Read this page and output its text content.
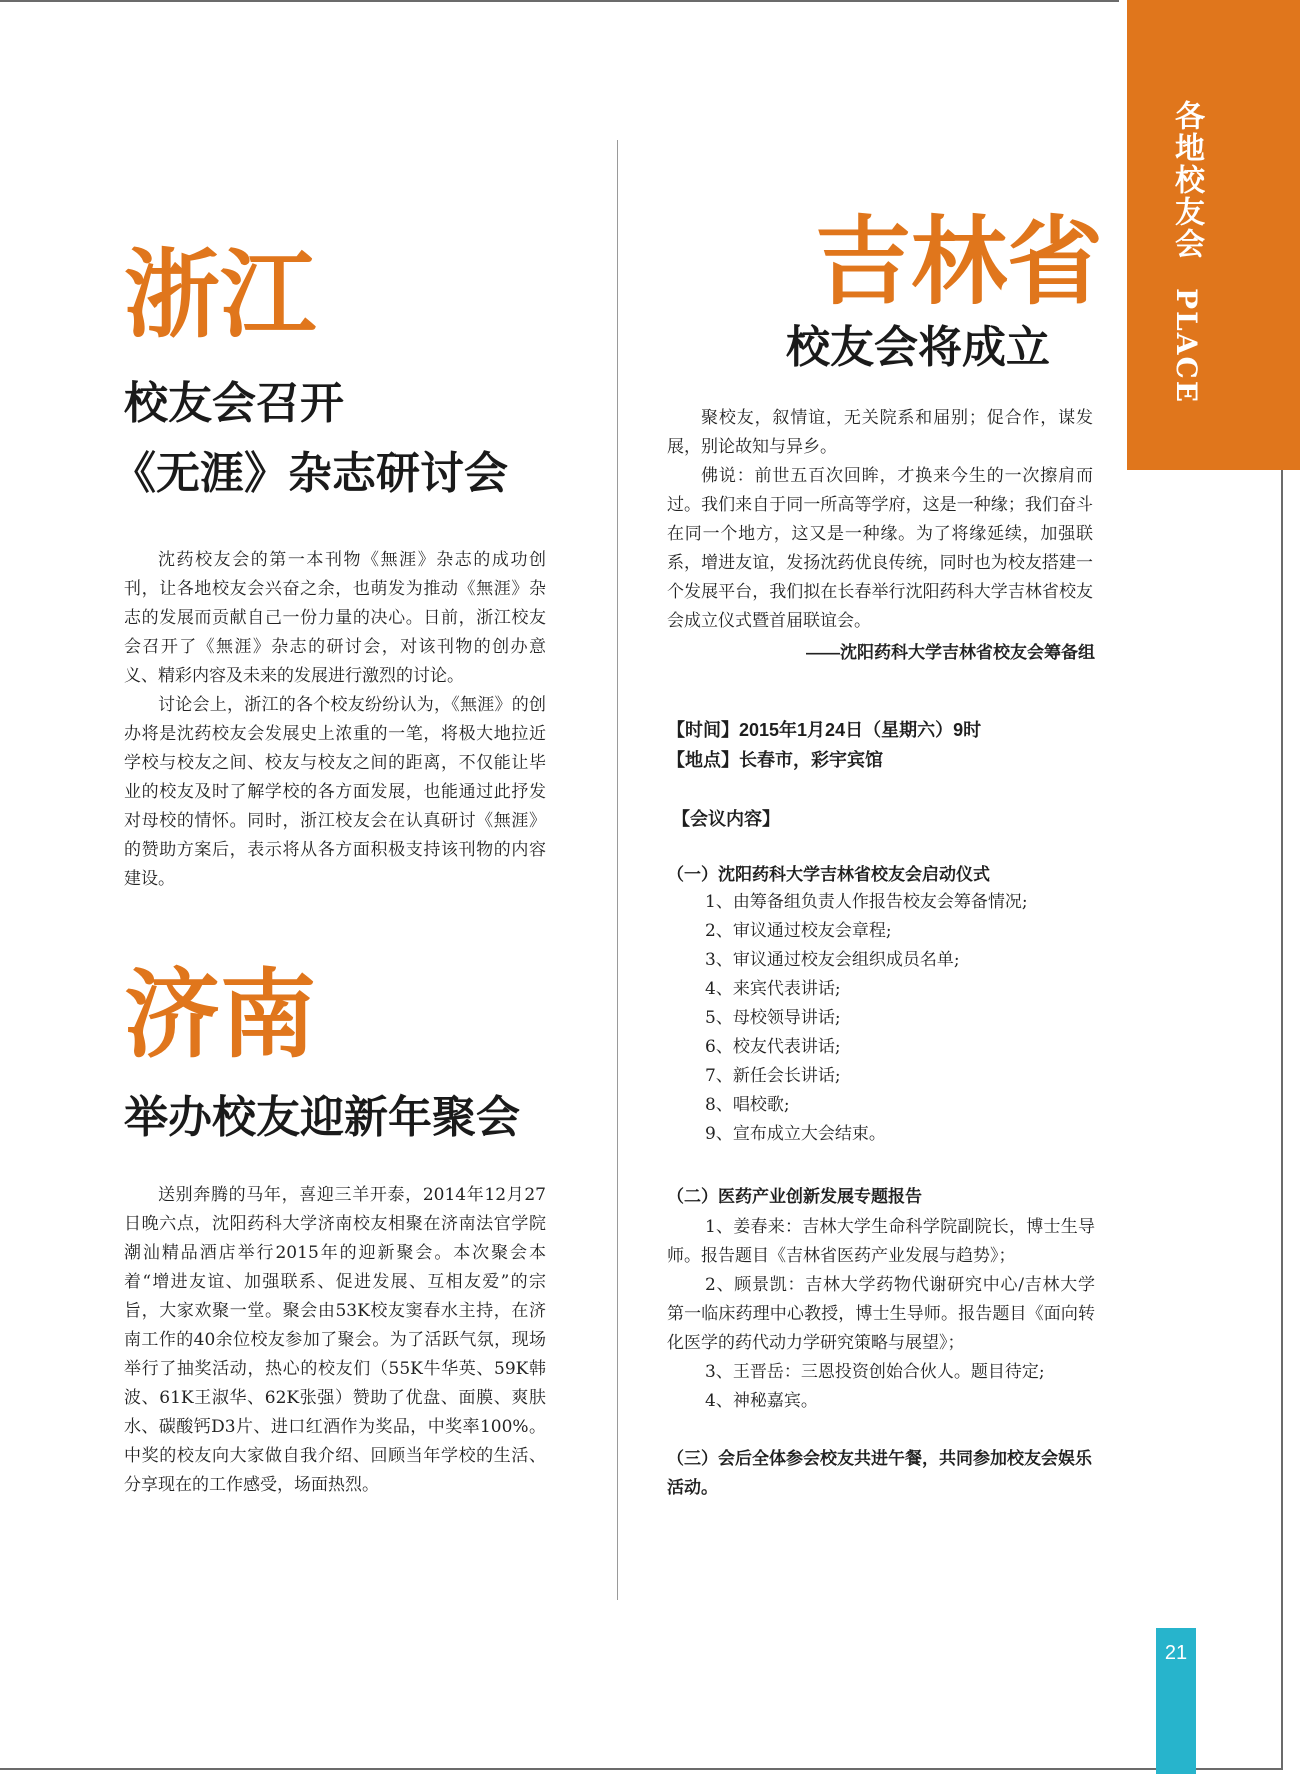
各地校友会 PLACE
浙江
校友会召开
《无涯》杂志研讨会

沈药校友会的第一本刊物《無涯》杂志的成功创刊，让各地校友会兴奋之余，也萌发为推动《無涯》杂志的发展而贡献自己一份力量的决心。日前，浙江校友会召开了《無涯》杂志的研讨会，对该刊物的创办意义、精彩内容及未来的发展进行激烈的讨论。

讨论会上，浙江的各个校友纷纷认为，《無涯》的创办将是沈药校友会发展史上浓重的一笔，将极大地拉近学校与校友之间、校友与校友之间的距离，不仅能让毕业的校友及时了解学校的各方面发展，也能通过此抒发对母校的情怀。同时，浙江校友会在认真研讨《無涯》的赞助方案后，表示将从各方面积极支持该刊物的内容建设。

济南
举办校友迎新年聚会

送别奔腾的马年，喜迎三羊开泰，2014年12月27日晚六点，沈阳药科大学济南校友相聚在济南法官学院潮汕精品酒店举行2015年的迎新聚会。本次聚会本着“增进友谊、加强联系、促进发展、互相友爱”的宗旨，大家欢聚一堂。聚会由53K校友窦春水主持，在济南工作的40余位校友参加了聚会。为了活跃气氛，现场举行了抽奖活动，热心的校友们（55K牛华英、59K韩波、61K王淑华、62K张强）赞助了优盘、面膜、爽肤水、碳酸钙D3片、进口红酒作为奖品，中奖率100%。中奖的校友向大家做自我介绍、回顾当年学校的生活、分享现在的工作感受，场面热烈。

吉林省
校友会将成立

聚校友，叙情谊，无关院系和届别；促合作，谋发展，别论故知与异乡。

佛说：前世五百次回眸，才换来今生的一次擦肩而过。我们来自于同一所高等学府，这是一种缘；我们奋斗在同一个地方，这又是一种缘。为了将缘延续，加强联系，增进友谊，发扬沈药优良传统，同时也为校友搭建一个发展平台，我们拟在长春举行沈阳药科大学吉林省校友会成立仪式暨首届联谊会。

——沈阳药科大学吉林省校友会筹备组
【时间】2015年1月24日（星期六）9时
【地点】长春市，彩宇宾馆
【会议内容】
（一）沈阳药科大学吉林省校友会启动仪式
1、由筹备组负责人作报告校友会筹备情况;
2、审议通过校友会章程;
3、审议通过校友会组织成员名单;
4、来宾代表讲话;
5、母校领导讲话;
6、校友代表讲话;
7、新任会长讲话;
8、唱校歌;
9、宣布成立大会结束。
（二）医药产业创新发展专题报告

1、姜春来：吉林大学生命科学院副院长，博士生导师。报告题目《吉林省医药产业发展与趋势》；

2、顾景凯：吉林大学药物代谢研究中心/吉林大学第一临床药理中心教授，博士生导师。报告题目《面向转化医学的药代动力学研究策略与展望》；

3、王晋岳：三恩投资创始合伙人。题目待定;

4、神秘嘉宾。

（三）会后全体参会校友共进午餐，共同参加校友会娱乐活动。
21
